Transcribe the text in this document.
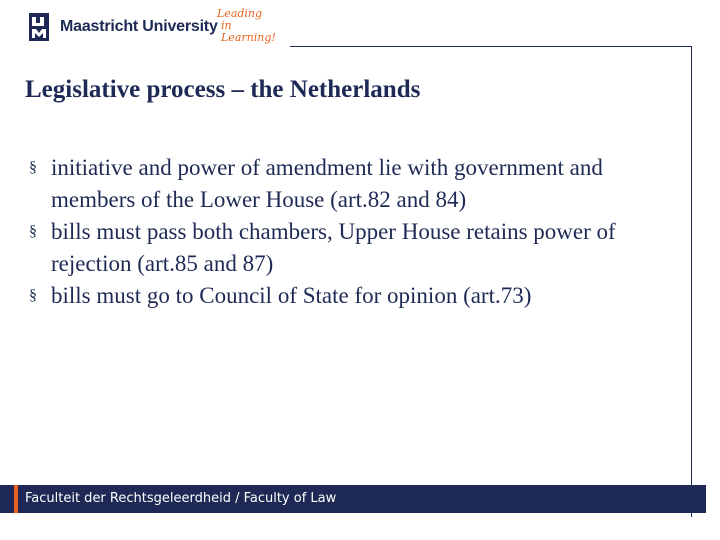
Maastricht University
Leading
in Learning!
Legislative process – the Netherlands
§ initiative and power of amendment lie with government and members of the Lower House (art.82 and 84)
§ bills must pass both chambers, Upper House retains power of rejection (art.85 and 87)
§ bills must go to Council of State for opinion (art.73)
Faculteit der Rechtsgeleerdheid / Faculty of Law
